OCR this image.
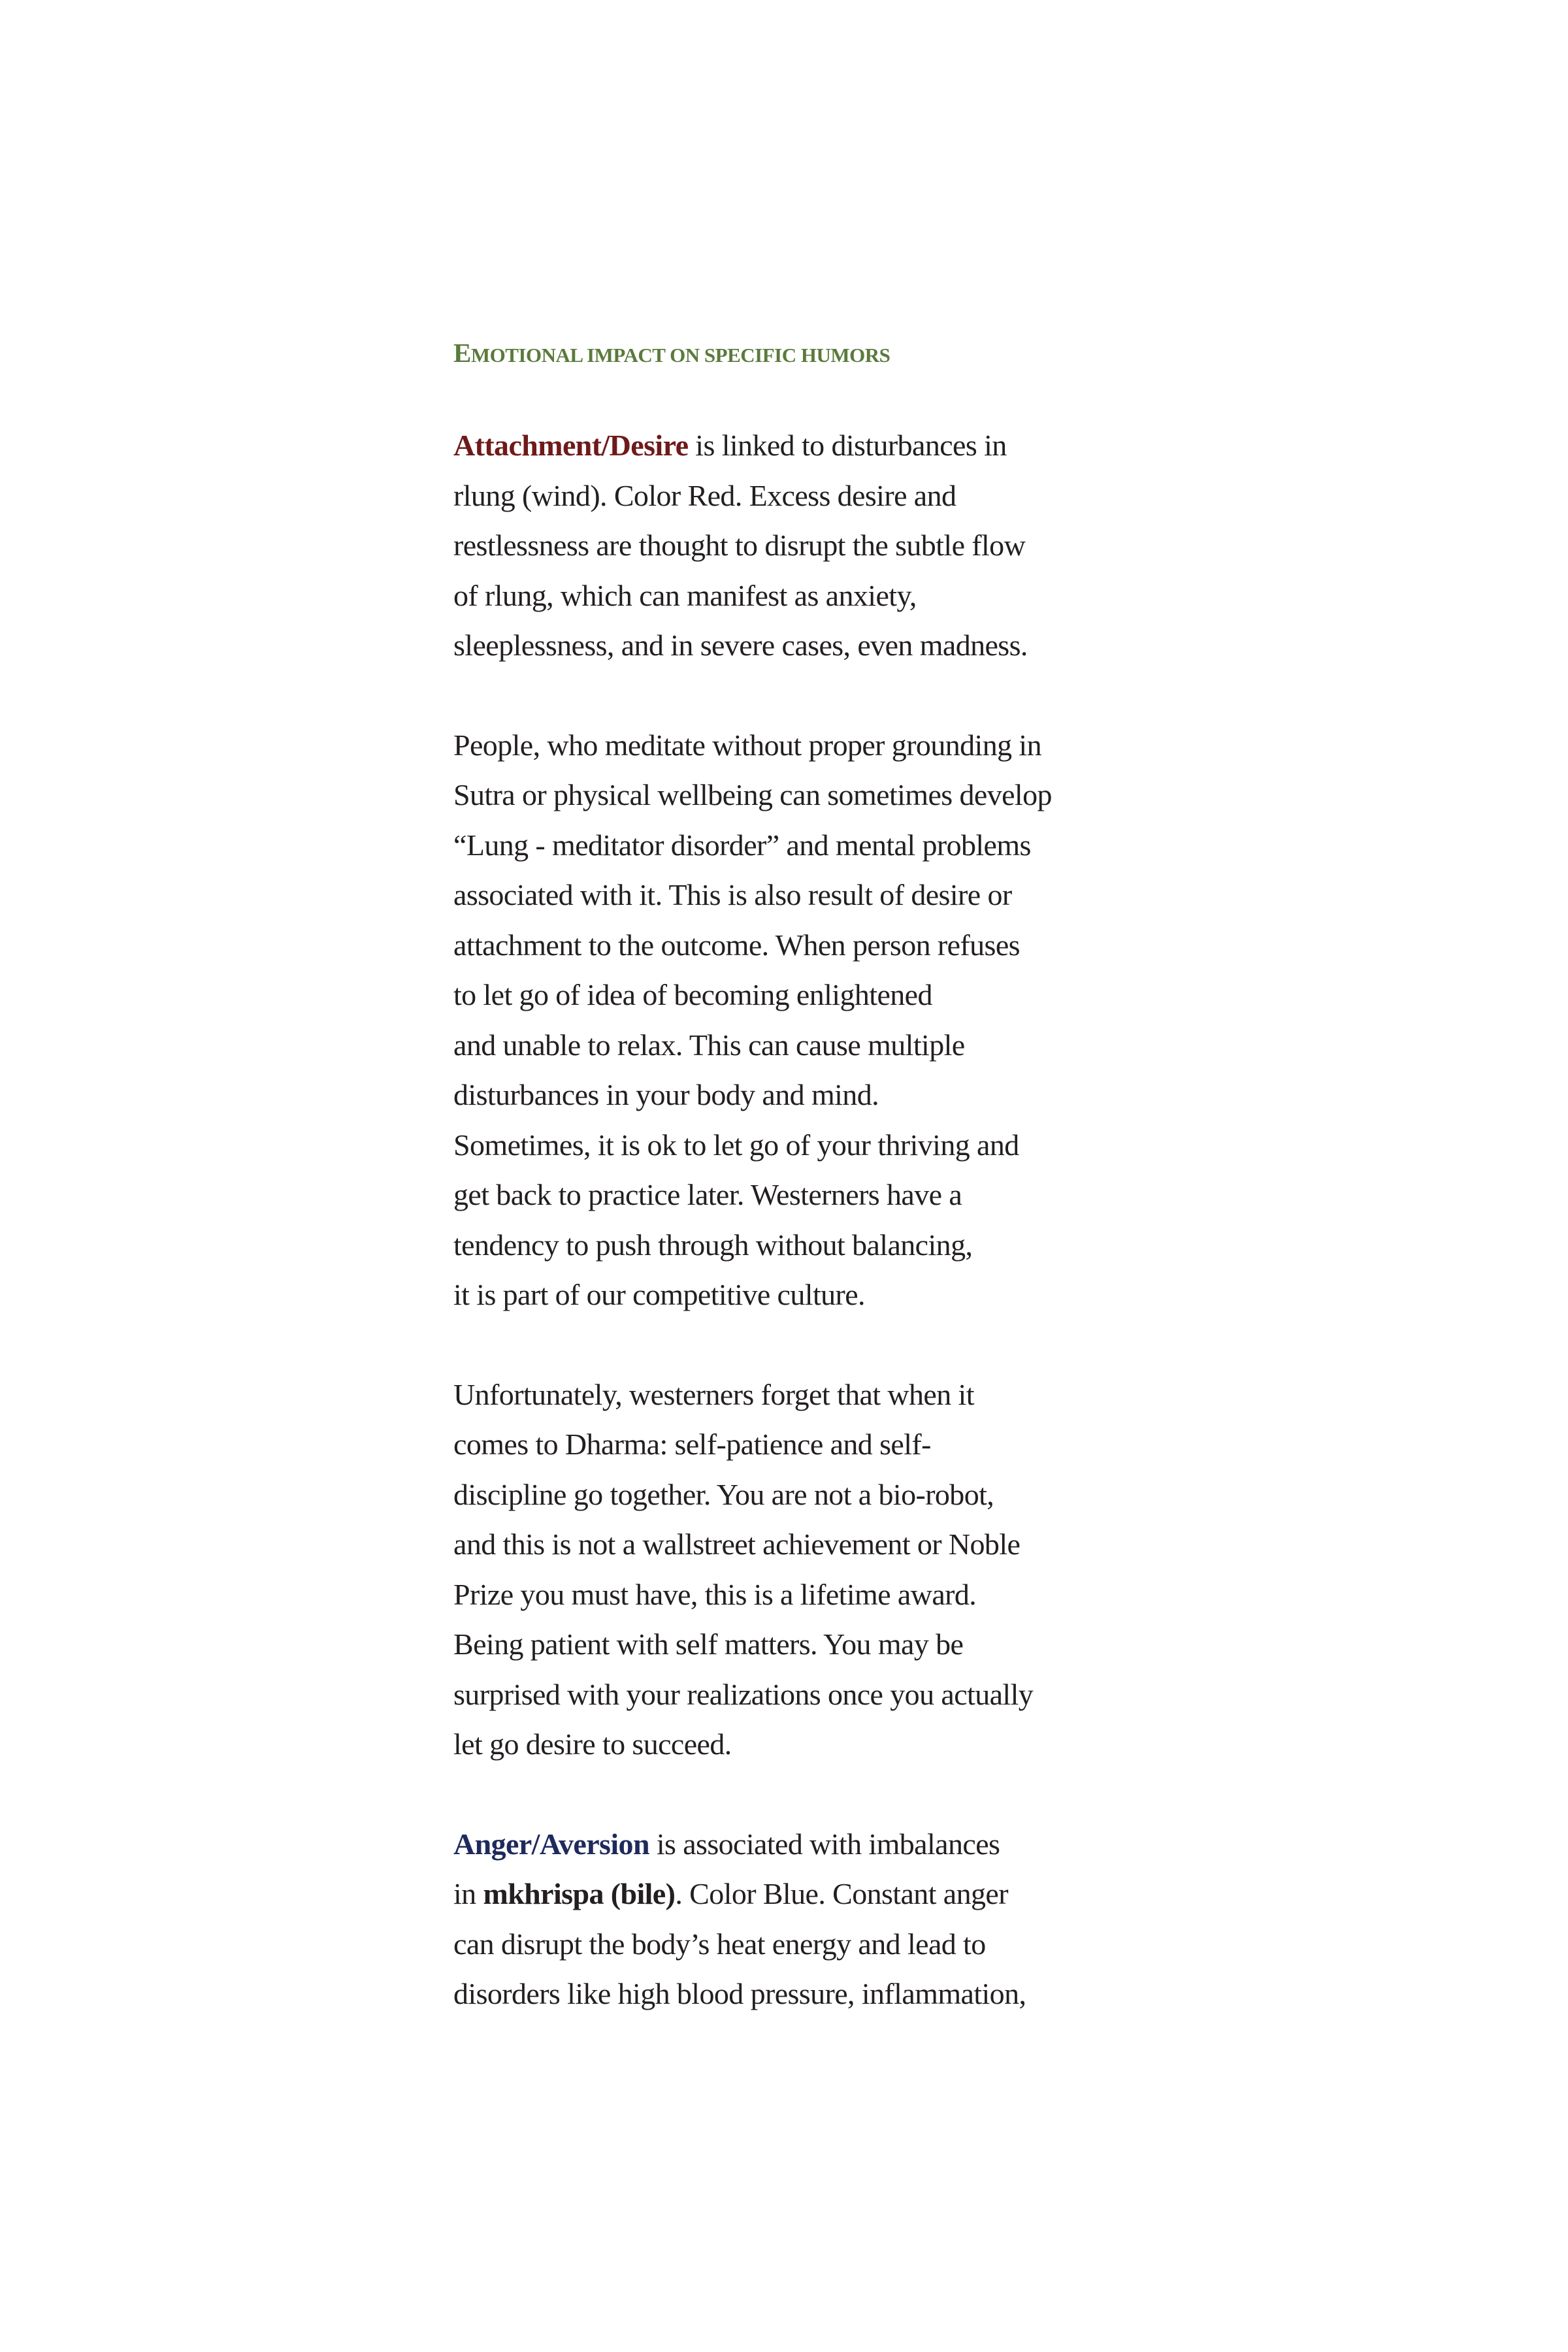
EMOTIONAL IMPACT ON SPECIFIC HUMORS

Attachment/Desire is linked to disturbances in
rlung (wind). Color Red. Excess desire and
restlessness are thought to disrupt the subtle flow
of rlung, which can manifest as anxiety,
sleeplessness, and in severe cases, even madness.

People, who meditate without proper grounding in
Sutra or physical wellbeing can sometimes develop
“Lung - meditator disorder” and mental problems
associated with it. This is also result of desire or
attachment to the outcome. When person refuses
to let go of idea of becoming enlightened
and unable to relax. This can cause multiple
disturbances in your body and mind.
Sometimes, it is ok to let go of your thriving and
get back to practice later. Westerners have a
tendency to push through without balancing,
it is part of our competitive culture.

Unfortunately, westerners forget that when it
comes to Dharma: self-patience and self-
discipline go together. You are not a bio-robot,
and this is not a wallstreet achievement or Noble
Prize you must have, this is a lifetime award.
Being patient with self matters. You may be
surprised with your realizations once you actually
let go desire to succeed.

Anger/Aversion is associated with imbalances
in mkhrispa (bile). Color Blue. Constant anger
can disrupt the body’s heat energy and lead to
disorders like high blood pressure, inflammation,
